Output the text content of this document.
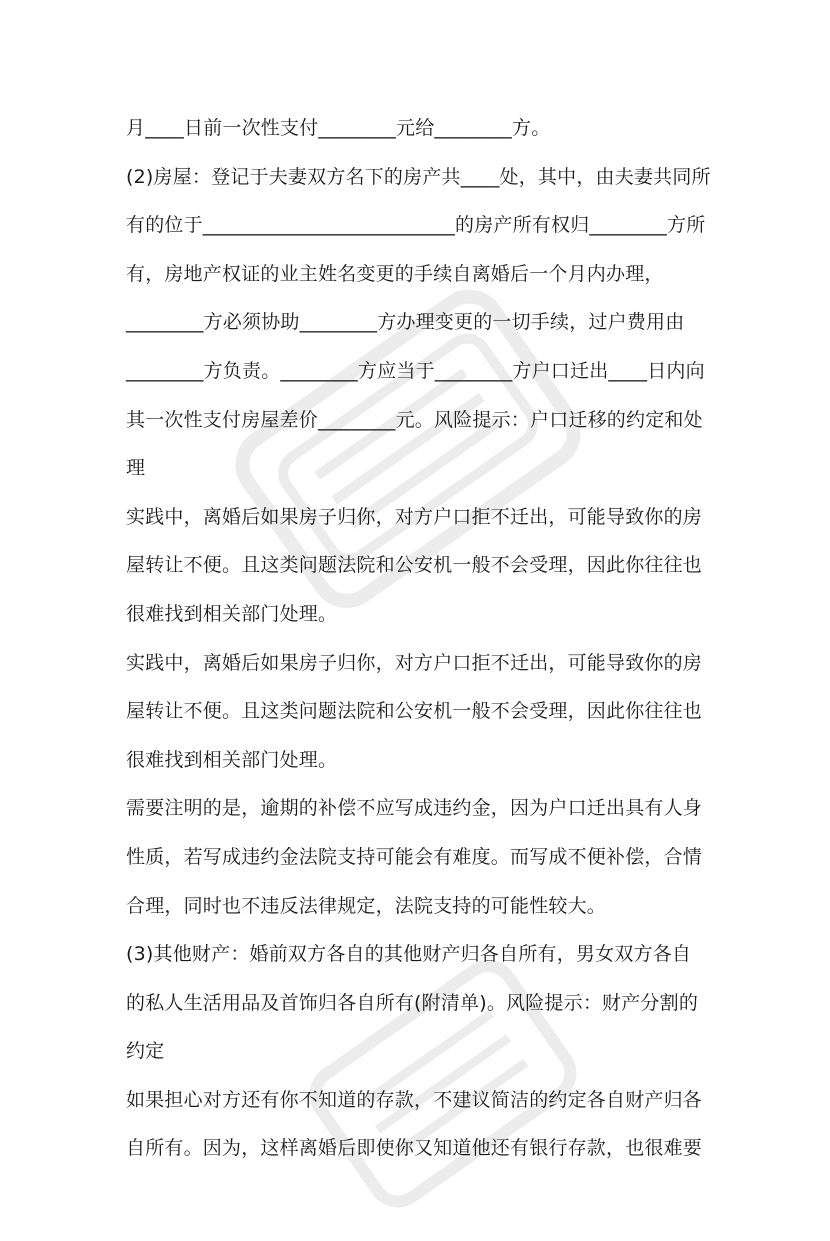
月____日前一次性支付________元给________方。
(2)房屋：登记于夫妻双方名下的房产共____处，其中，由夫妻共同所
有的位于__________________________的房产所有权归________方所
有，房地产权证的业主姓名变更的手续自离婚后一个月内办理，
________方必须协助________方办理变更的一切手续，过户费用由
________方负责。________方应当于________方户口迁出____日内向
其一次性支付房屋差价________元。风险提示：户口迁移的约定和处
理
实践中，离婚后如果房子归你，对方户口拒不迁出，可能导致你的房
屋转让不便。且这类问题法院和公安机一般不会受理，因此你往往也
很难找到相关部门处理。
实践中，离婚后如果房子归你，对方户口拒不迁出，可能导致你的房
屋转让不便。且这类问题法院和公安机一般不会受理，因此你往往也
很难找到相关部门处理。
需要注明的是，逾期的补偿不应写成违约金，因为户口迁出具有人身
性质，若写成违约金法院支持可能会有难度。而写成不便补偿，合情
合理，同时也不违反法律规定，法院支持的可能性较大。
(3)其他财产：婚前双方各自的其他财产归各自所有，男女双方各自
的私人生活用品及首饰归各自所有(附清单)。风险提示：财产分割的
约定
如果担心对方还有你不知道的存款，不建议简洁的约定各自财产归各
自所有。因为，这样离婚后即使你又知道他还有银行存款，也很难要
